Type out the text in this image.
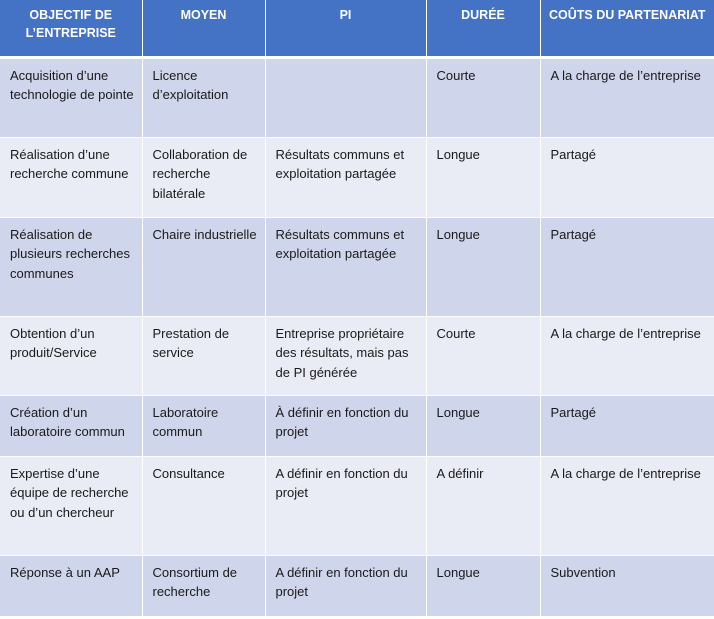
OBJECTIF DE L’ENTREPRISE	MOYEN	PI	DURÉE	COÛTS DU PARTENARIAT
Acquisition d’une technologie de pointe	Licence d’exploitation		Courte	A la charge de l’entreprise
Réalisation d’une recherche commune	Collaboration de recherche bilatérale	Résultats communs et exploitation partagée	Longue	Partagé
Réalisation de plusieurs recherches communes	Chaire industrielle	Résultats communs et exploitation partagée	Longue	Partagé
Obtention d’un produit/Service	Prestation de service	Entreprise propriétaire des résultats, mais pas de PI générée	Courte	A la charge de l’entreprise
Création d’un laboratoire commun	Laboratoire commun	À définir en fonction du projet	Longue	Partagé
Expertise d’une équipe de recherche ou d’un chercheur	Consultance	A définir en fonction du projet	A définir	A la charge de l’entreprise
Réponse à un AAP	Consortium de recherche	A définir en fonction du projet	Longue	Subvention
